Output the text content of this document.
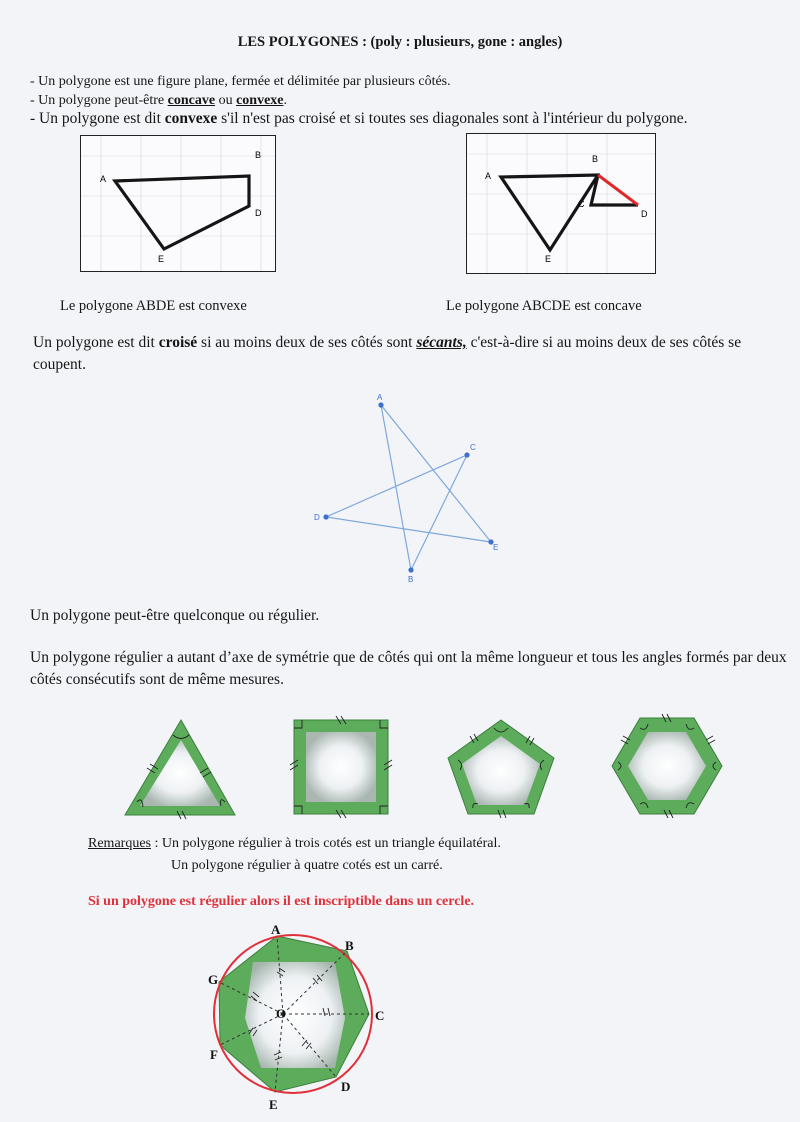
LES POLYGONES : (poly : plusieurs, gone : angles)
- Un polygone est une figure plane, fermée et délimitée par plusieurs côtés.
- Un polygone peut-être concave ou convexe.
- Un polygone est dit convexe s'il n'est pas croisé et si toutes ses diagonales sont à l'intérieur du polygone.
A
B
D
E
Le polygone ABDE est convexe
A
B
C
D
E
Le polygone ABCDE est concave
Un polygone est dit croisé si au moins deux de ses côtés sont sécants, c'est-à-dire si au moins deux de ses côtés se coupent.
A
B
C
D
E
Un polygone peut-être quelconque ou régulier.
Un polygone régulier a autant d’axe de symétrie que de côtés qui ont la même longueur et tous les angles formés par deux côtés consécutifs sont de même mesures.
Remarques : Un polygone régulier à trois cotés est un triangle équilatéral.
Un polygone régulier à quatre cotés est un carré.
Si un polygone est régulier alors il est inscriptible dans un cercle.
A
B
C
D
E
F
G
O
